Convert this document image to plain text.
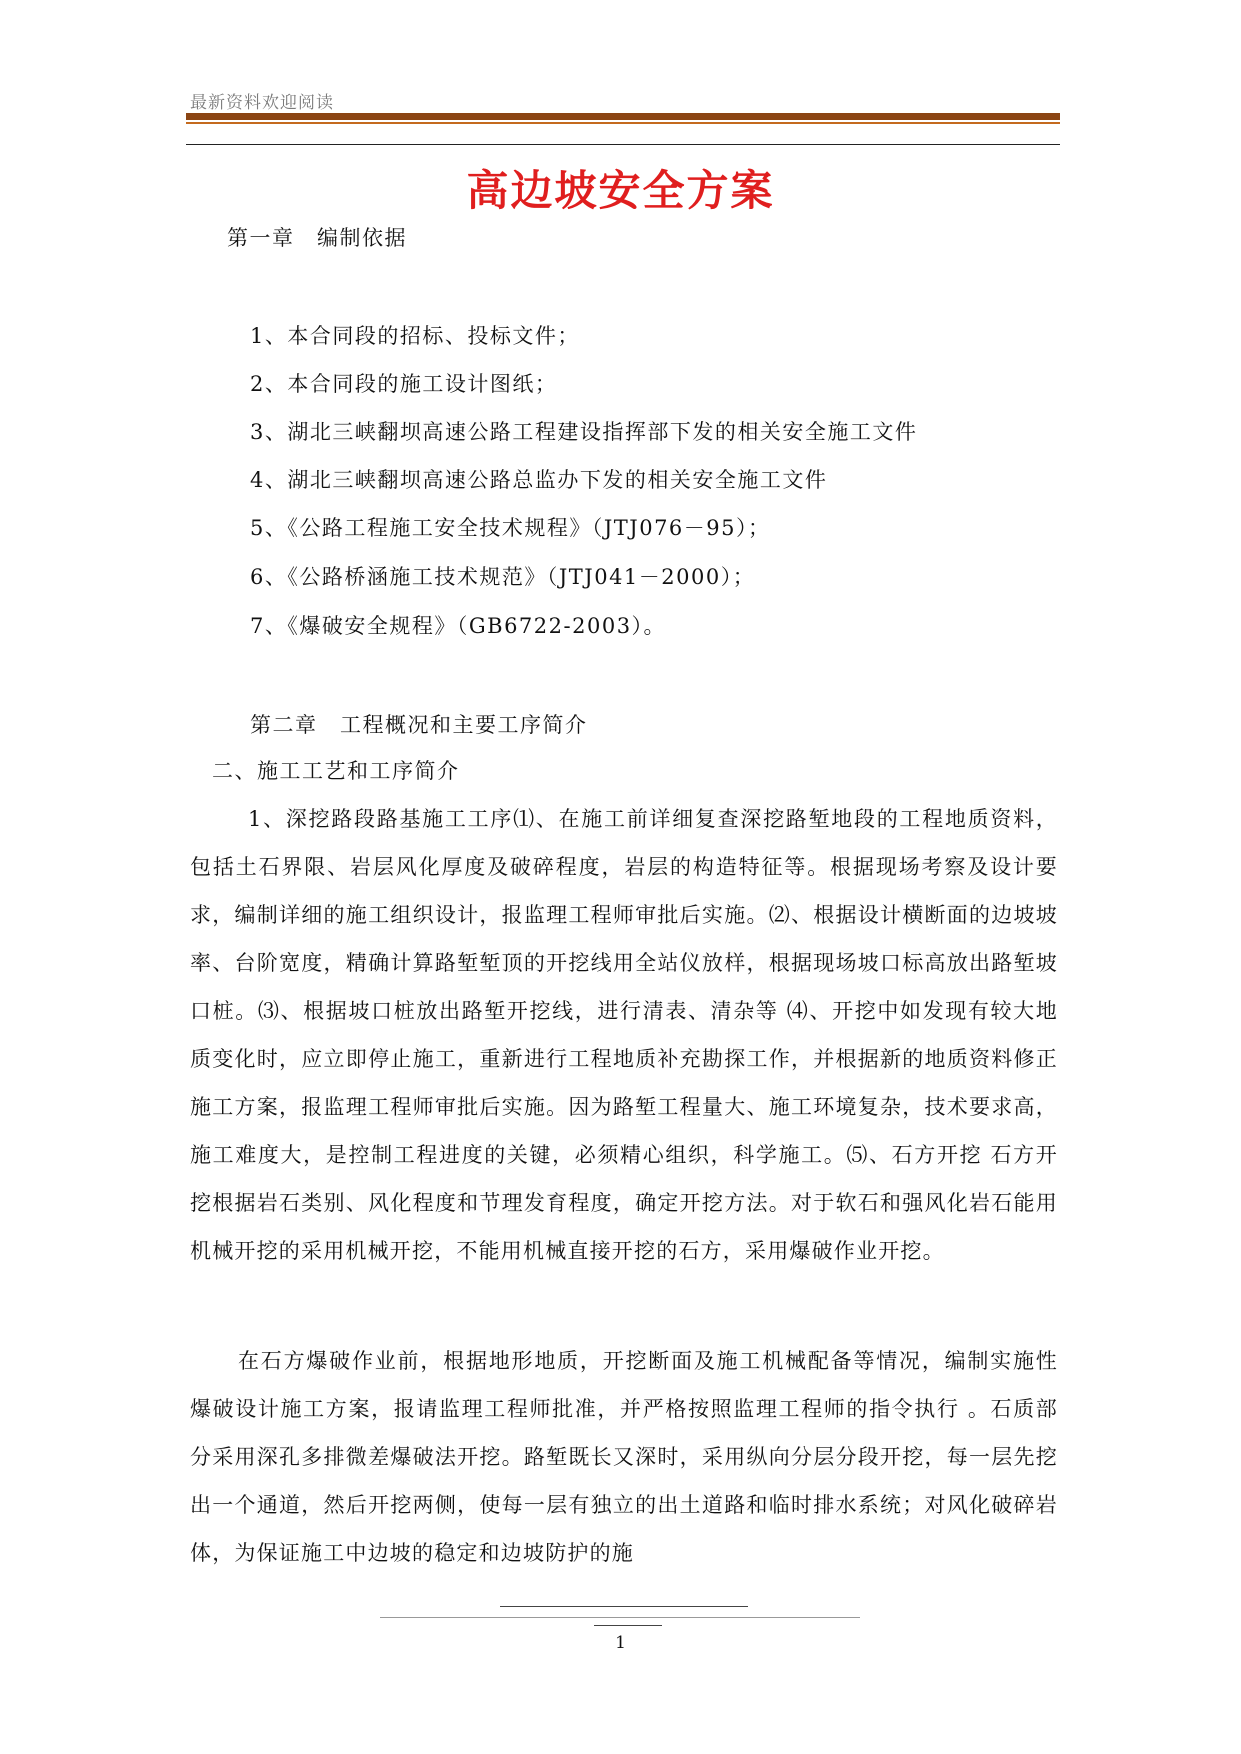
最新资料欢迎阅读
高边坡安全方案
第一章　编制依据
1、本合同段的招标、投标文件；
2、本合同段的施工设计图纸；
3、湖北三峡翻坝高速公路工程建设指挥部下发的相关安全施工文件
4、湖北三峡翻坝高速公路总监办下发的相关安全施工文件
5、《公路工程施工安全技术规程》（JTJ076－95）；
6、《公路桥涵施工技术规范》（JTJ041－2000）；
7、《爆破安全规程》（GB6722-2003）。
第二章　工程概况和主要工序简介
二、施工工艺和工序简介
1、深挖路段路基施工工序⑴、在施工前详细复查深挖路堑地段的工程地质资料，包括土石界限、岩层风化厚度及破碎程度，岩层的构造特征等。根据现场考察及设计要求，编制详细的施工组织设计，报监理工程师审批后实施。⑵、根据设计横断面的边坡坡率、台阶宽度，精确计算路堑堑顶的开挖线用全站仪放样，根据现场坡口标高放出路堑坡口桩。⑶、根据坡口桩放出路堑开挖线，进行清表、清杂等 ⑷、开挖中如发现有较大地质变化时，应立即停止施工，重新进行工程地质补充勘探工作，并根据新的地质资料修正施工方案，报监理工程师审批后实施。因为路堑工程量大、施工环境复杂，技术要求高，施工难度大，是控制工程进度的关键，必须精心组织，科学施工。⑸、石方开挖 石方开挖根据岩石类别、风化程度和节理发育程度，确定开挖方法。对于软石和强风化岩石能用机械开挖的采用机械开挖，不能用机械直接开挖的石方，采用爆破作业开挖。
在石方爆破作业前，根据地形地质，开挖断面及施工机械配备等情况，编制实施性爆破设计施工方案，报请监理工程师批准，并严格按照监理工程师的指令执行 。石质部分采用深孔多排微差爆破法开挖。路堑既长又深时，采用纵向分层分段开挖，每一层先挖出一个通道，然后开挖两侧，使每一层有独立的出土道路和临时排水系统；对风化破碎岩体，为保证施工中边坡的稳定和边坡防护的施
1
